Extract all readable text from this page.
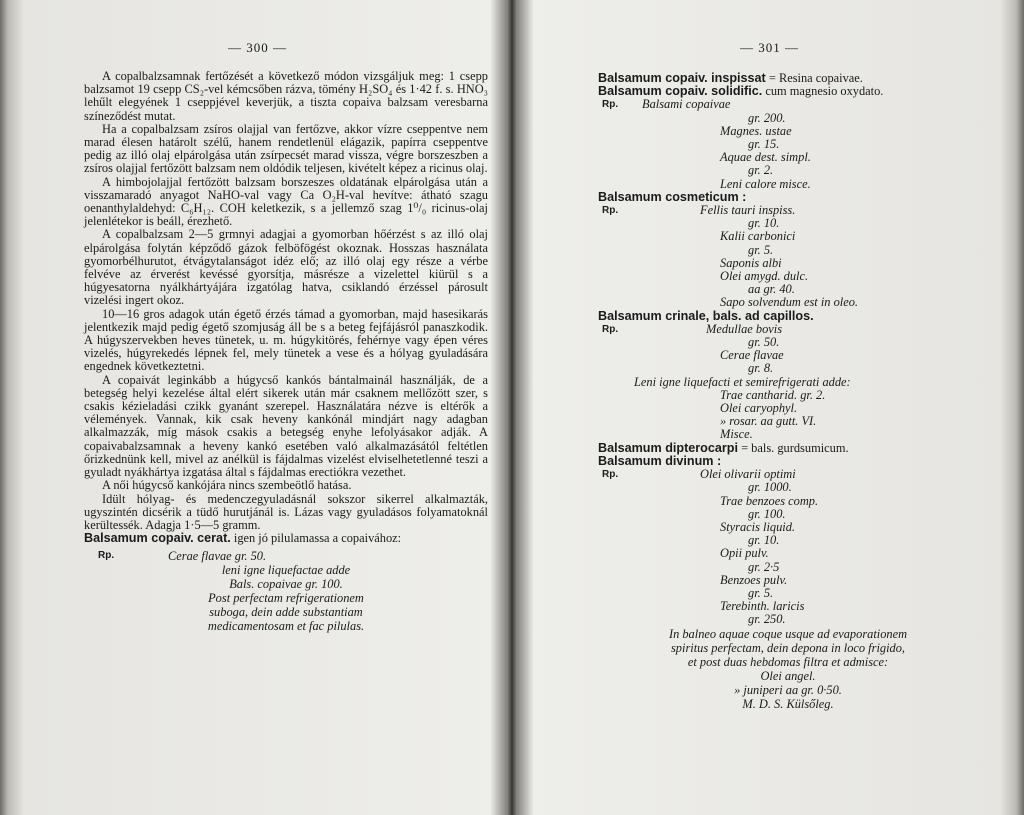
— 300 —

A copalbalzsamnak fertőzését a következő módon vizsgáljuk meg: 1 csepp balzsamot 19 csepp CS₂-vel kémcsőben rázva, tömény H₂SO₄ és 1·42 f. s. HNO₃ lehűlt elegyének 1 cseppjével keverjük, a tiszta copaiva balzsam veresbarna színeződést mutat.

Ha a copalbalzsam zsíros olajjal van fertőzve, akkor vízre cseppentve nem marad élesen határolt szélű, hanem rendetlenül elágazik, papírra cseppentve pedig az illó olaj elpárolgása után zsírpecsét marad vissza, végre borszeszben a zsíros olajjal fertőzött balzsam nem oldódik teljesen, kivételt képez a ricinus olaj.

A himbojolajjal fertőzött balzsam borszeszes oldatának elpárolgása után a visszamaradó anyagot NaHO-val vagy Ca O₂H-val hevítve: átható szagu oenanthylaldehyd: C₆H₁₂. COH keletkezik, s a jellemző szag 1⁰/₀ ricinus-olaj jelenlétekor is beáll, érezhető.

A copalbalzsam 2—5 grmnyi adagjai a gyomorban hőérzést s az illó olaj elpárolgása folytán képződő gázok felböfögést okoznak. Hosszas használata gyomorbélhurutot, étvágytalanságot idéz elő; az illó olaj egy része a vérbe felvéve az érverést kevéssé gyorsítja, másrésze a vizelettel kiürül s a húgyesatorna nyálkhártyájára izgatólag hatva, csiklandó érzéssel párosult vizelési ingert okoz.

10—16 gros adagok után égető érzés támad a gyomorban, majd hasesikarás jelentkezik majd pedig égető szomjuság áll be s a beteg fejfájásról panaszkodik. A húgyszervekben heves tünetek, u. m. húgykitörés, fehérnye vagy épen véres vizelés, húgyrekedés lépnek fel, mely tünetek a vese és a hólyag gyuladására engednek következtetni.

A copaivát leginkább a húgycső kankós bántalmainál használják, de a betegség helyi kezelése által elért sikerek után már csaknem mellőzött szer, s csakis kézieladási czikk gyanánt szerepel. Használatára nézve is eltérők a vélemények. Vannak, kik csak heveny kankónál mindjárt nagy adagban alkalmazzák, míg mások csakis a betegség enyhe lefolyásakor adják. A copaivabalzsamnak a heveny kankó esetében való alkalmazásától feltétlen őrizkednünk kell, mivel az anélkül is fájdalmas vizelést elviselhetetlenné teszi a gyuladt nyákhártya izgatása által s fájdalmas erectiókra vezethet.

A női húgycső kankójára nincs szembeötlő hatása.

Idült hólyag- és medenczegyuladásnál sokszor sikerrel alkalmazták, ugyszintén dicsérik a tüdő hurutjánál is. Lázas vagy gyuladásos folyamatoknál kerültessék. Adagja 1·5—5 gramm.

Balsamum copaiv. cerat. igen jó pilulamassa a copaivához:

Rp.	Cerae flavae gr. 50.
leni igne liquefactae adde
Bals. copaivae gr. 100.
Post perfectam refrigerationem
suboga, dein adde substantiam
medicamentosam et fac pilulas.
— 301 —
Balsamum copaiv. inspissat = Resina copaivae.
Balsamum copaiv. solidific. cum magnesio oxydato.
Rp.	Balsami copaivae
gr. 200.
Magnes. ustae
gr. 15.
Aquae dest. simpl.
gr. 2.
Leni calore misce.
Balsamum cosmeticum :
Rp.	Fellis tauri inspiss.
gr. 10.
Kalii carbonici
gr. 5.
Saponis albi
Olei amygd. dulc.
aa gr. 40.
Sapo solvendum est in oleo.
Balsamum crinale, bals. ad capillos.
Rp.	Medullae bovis
gr. 50.
Cerae flavae
gr. 8.
Leni igne liquefacti et semirefrigerati adde:
Trae cantharid. gr. 2.
Olei caryophyl.
» rosar. aa gutt. VI.
Misce.
Balsamum dipterocarpi = bals. gurdsumicum.
Balsamum divinum :
Rp.	Olei olivarii optimi
gr. 1000.
Trae benzoes comp.
gr. 100.
Styracis liquid.
gr. 10.
Opii pulv.
gr. 2·5
Benzoes pulv.
gr. 5.
Terebinth. laricis
gr. 250.
In balneo aquae coque usque ad evaporationem
spiritus perfectam, dein depona in loco frigido,
et post duas hebdomas filtra et admisce:
Olei angel.
» juniperi aa gr. 0·50.
M. D. S. Külsőleg.
